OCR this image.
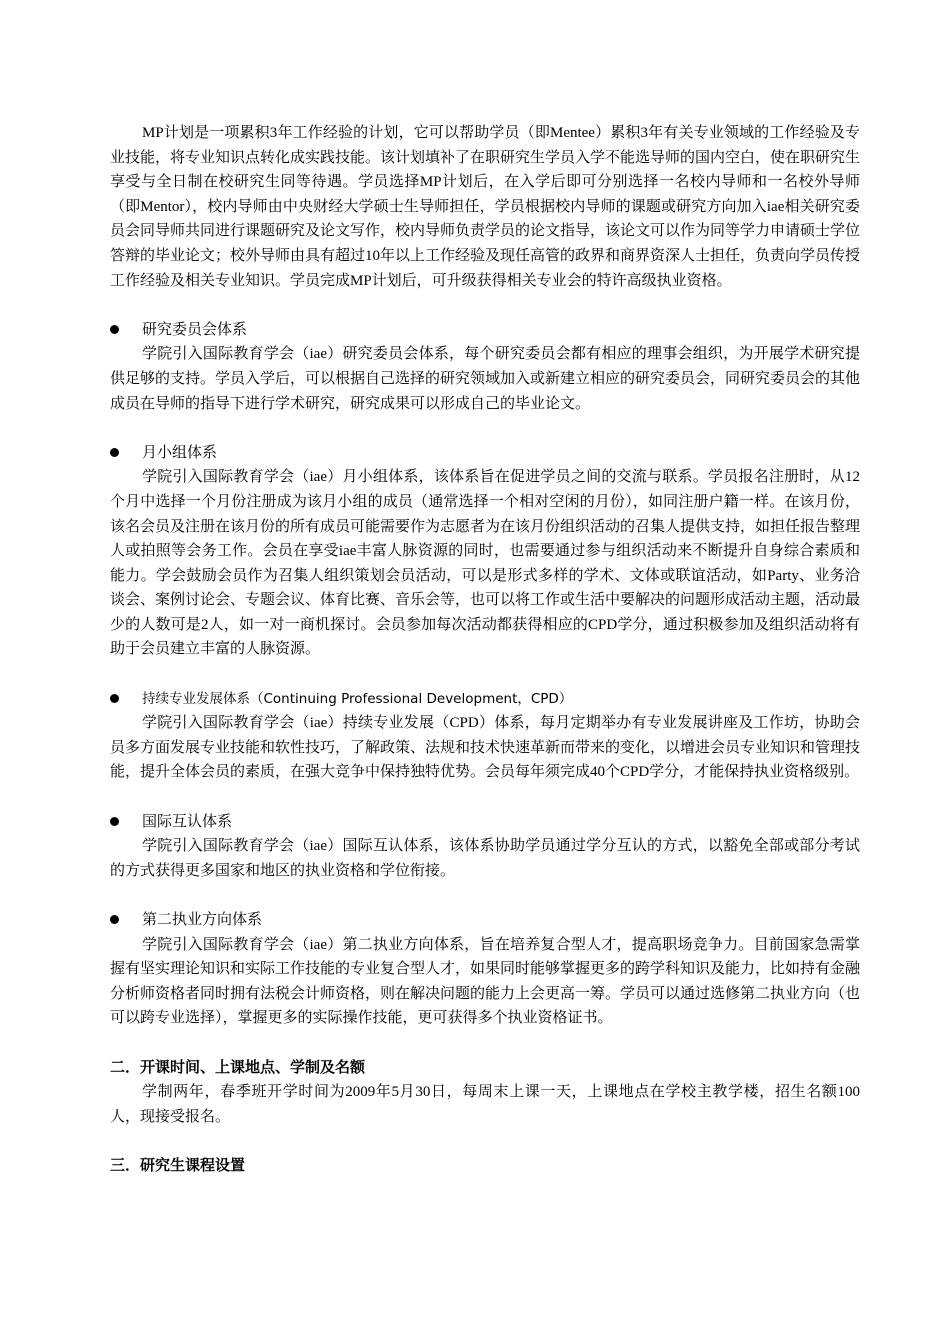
MP计划是一项累积3年工作经验的计划，它可以帮助学员（即Mentee）累积3年有关专业领域的工作经验及专业技能，将专业知识点转化成实践技能。该计划填补了在职研究生学员入学不能选导师的国内空白，使在职研究生享受与全日制在校研究生同等待遇。学员选择MP计划后，在入学后即可分别选择一名校内导师和一名校外导师（即Mentor），校内导师由中央财经大学硕士生导师担任，学员根据校内导师的课题或研究方向加入iae相关研究委员会同导师共同进行课题研究及论文写作，校内导师负责学员的论文指导，该论文可以作为同等学力申请硕士学位答辩的毕业论文；校外导师由具有超过10年以上工作经验及现任高管的政界和商界资深人士担任，负责向学员传授工作经验及相关专业知识。学员完成MP计划后，可升级获得相关专业会的特许高级执业资格。

研究委员会体系

学院引入国际教育学会（iae）研究委员会体系，每个研究委员会都有相应的理事会组织，为开展学术研究提供足够的支持。学员入学后，可以根据自己选择的研究领域加入或新建立相应的研究委员会，同研究委员会的其他成员在导师的指导下进行学术研究，研究成果可以形成自己的毕业论文。

月小组体系

学院引入国际教育学会（iae）月小组体系，该体系旨在促进学员之间的交流与联系。学员报名注册时，从12个月中选择一个月份注册成为该月小组的成员（通常选择一个相对空闲的月份），如同注册户籍一样。在该月份，该名会员及注册在该月份的所有成员可能需要作为志愿者为在该月份组织活动的召集人提供支持，如担任报告整理人或拍照等会务工作。会员在享受iae丰富人脉资源的同时，也需要通过参与组织活动来不断提升自身综合素质和能力。学会鼓励会员作为召集人组织策划会员活动，可以是形式多样的学术、文体或联谊活动，如Party、业务洽谈会、案例讨论会、专题会议、体育比赛、音乐会等，也可以将工作或生活中要解决的问题形成活动主题，活动最少的人数可是2人，如一对一商机探讨。会员参加每次活动都获得相应的CPD学分，通过积极参加及组织活动将有助于会员建立丰富的人脉资源。

持续专业发展体系（Continuing Professional Development，CPD）

学院引入国际教育学会（iae）持续专业发展（CPD）体系，每月定期举办有专业发展讲座及工作坊，协助会员多方面发展专业技能和软性技巧，了解政策、法规和技术快速革新而带来的变化，以增进会员专业知识和管理技能，提升全体会员的素质，在强大竞争中保持独特优势。会员每年须完成40个CPD学分，才能保持执业资格级别。

国际互认体系

学院引入国际教育学会（iae）国际互认体系，该体系协助学员通过学分互认的方式，以豁免全部或部分考试的方式获得更多国家和地区的执业资格和学位衔接。

第二执业方向体系

学院引入国际教育学会（iae）第二执业方向体系，旨在培养复合型人才，提高职场竞争力。目前国家急需掌握有坚实理论知识和实际工作技能的专业复合型人才，如果同时能够掌握更多的跨学科知识及能力，比如持有金融分析师资格者同时拥有法税会计师资格，则在解决问题的能力上会更高一筹。学员可以通过选修第二执业方向（也可以跨专业选择），掌握更多的实际操作技能，更可获得多个执业资格证书。

二．开课时间、上课地点、学制及名额

学制两年，春季班开学时间为2009年5月30日，每周末上课一天，上课地点在学校主教学楼，招生名额100人，现接受报名。

三．研究生课程设置
